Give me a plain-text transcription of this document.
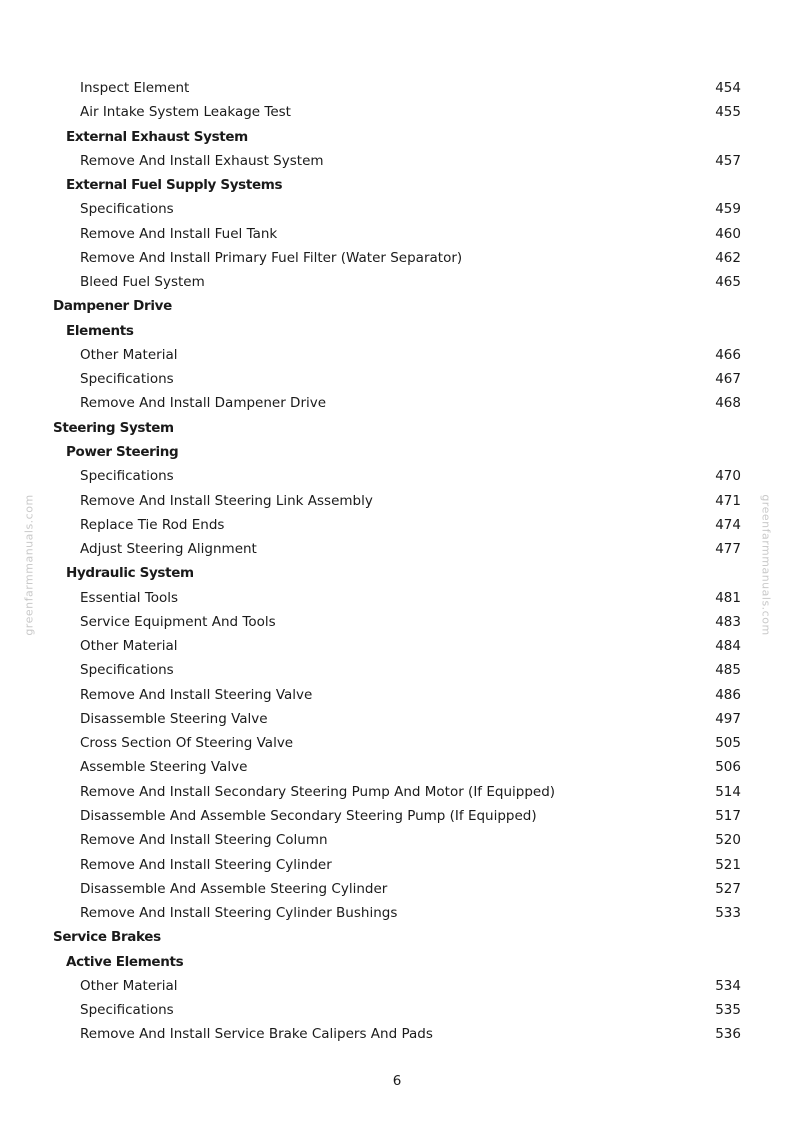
greenfarmmanuals.com	greenfarmmanuals.com
Inspect Element	454
Air Intake System Leakage Test	455
External Exhaust System
Remove And Install Exhaust System	457
External Fuel Supply Systems
Specifications	459
Remove And Install Fuel Tank	460
Remove And Install Primary Fuel Filter (Water Separator)	462
Bleed Fuel System	465
Dampener Drive
Elements
Other Material	466
Specifications	467
Remove And Install Dampener Drive	468
Steering System
Power Steering
Specifications	470
Remove And Install Steering Link Assembly	471
Replace Tie Rod Ends	474
Adjust Steering Alignment	477
Hydraulic System
Essential Tools	481
Service Equipment And Tools	483
Other Material	484
Specifications	485
Remove And Install Steering Valve	486
Disassemble Steering Valve	497
Cross Section Of Steering Valve	505
Assemble Steering Valve	506
Remove And Install Secondary Steering Pump And Motor (If Equipped)	514
Disassemble And Assemble Secondary Steering Pump (If Equipped)	517
Remove And Install Steering Column	520
Remove And Install Steering Cylinder	521
Disassemble And Assemble Steering Cylinder	527
Remove And Install Steering Cylinder Bushings	533
Service Brakes
Active Elements
Other Material	534
Specifications	535
Remove And Install Service Brake Calipers And Pads	536
6
